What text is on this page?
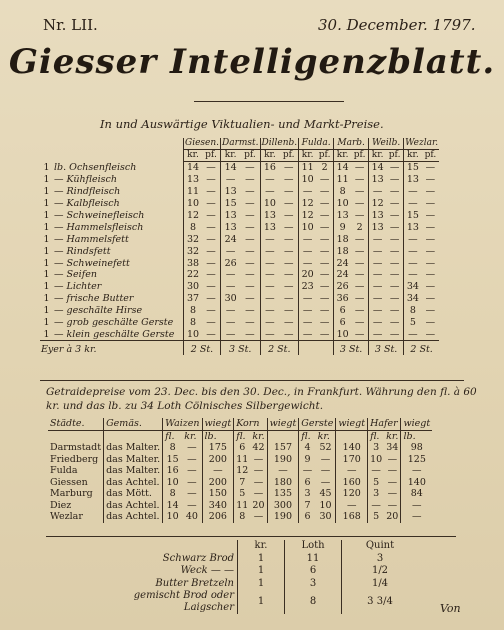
Nr. LII.	30. December. 1797.
Giesser Intelligenzblatt.
In und Auswärtige Viktualien- und Markt-Preise.
		Giesen.		Darmst.		Dillenb.		Fulda.		Marb.		Weilb.		Wezlar.	
		kr.	pf.	kr.	pf.	kr.	pf.	kr.	pf.	kr.	pf.	kr.	pf.	kr.	pf.
1	lb. Ochsenfleisch	14	—	14	—	16	—	11	2	14	—	14	—	15	—
1	— Kühfleisch	13	—	—	—	—	—	10	—	11	—	13	—	13	—
1	— Rindfleisch	11	—	13	—	—	—	—	—	8	—	—	—	—	—
1	— Kalbfleisch	10	—	15	—	10	—	12	—	10	—	12	—	—	—
1	— Schweinefleisch	12	—	13	—	13	—	12	—	13	—	13	—	15	—
1	— Hammelsfleisch	8	—	13	—	13	—	10	—	9	2	13	—	13	—
1	— Hammelsfett	32	—	24	—	—	—	—	—	18	—	—	—	—	—
1	— Rindsfett	32	—	—	—	—	—	—	—	18	—	—	—	—	—
1	— Schweinefett	38	—	26	—	—	—	—	—	24	—	—	—	—	—
1	— Seifen	22	—	—	—	—	—	20	—	24	—	—	—	—	—
1	— Lichter	30	—	—	—	—	—	23	—	26	—	—	—	34	—
1	— frische Butter	37	—	30	—	—	—	—	—	36	—	—	—	34	—
1	— geschälte Hirse	8	—	—	—	—	—	—	—	6	—	—	—	8	—
1	— grob geschälte Gerste	8	—	—	—	—	—	—	—	6	—	—	—	5	—
1	— klein geschälte Gerste	10	—	—	—	—	—	—	—	10	—	—	—	—	—
Eyer à 3 kr.		2 St.		3 St.		2 St.				3 St.		3 St.		2 St.	
Getraidepreise vom 23. Dec. bis den 30. Dec., in Frankfurt. Währung den fl. à 60 kr. und das lb. zu 34 Loth Cölnisches Silbergewicht.
Städte.	Gemäs.	Waizen		wiegt	Korn		wiegt	Gerste		wiegt	Hafer		wiegt
		fl.	kr.	lb.	fl.	kr.		fl.	kr.		fl.	kr.	lb.
Darmstadt	das Malter.	8	—	175	6	42	157	4	52	140	3	34	98
Friedberg	das Malter.	15	—	200	11	—	190	9	—	170	10	—	125
Fulda	das Malter.	16	—	—	12	—	—	—	—	—	—	—	—
Giessen	das Achtel.	10	—	200	7	—	180	6	—	160	5	—	140
Marburg	das Mött.	8	—	150	5	—	135	3	45	120	3	—	84
Diez	das Achtel.	14	—	340	11	20	300	7	10	—	—	—	—
Wezlar	das Achtel.	10	40	206	8	—	190	6	30	168	5	20	—
	kr.	Loth	Quint
Schwarz Brod	1	11	3
Weck — —	1	6	1/2
Butter Bretzeln	1	3	1/4
gemischt Brod oder Laigscher	1	8	3 3/4
Von
